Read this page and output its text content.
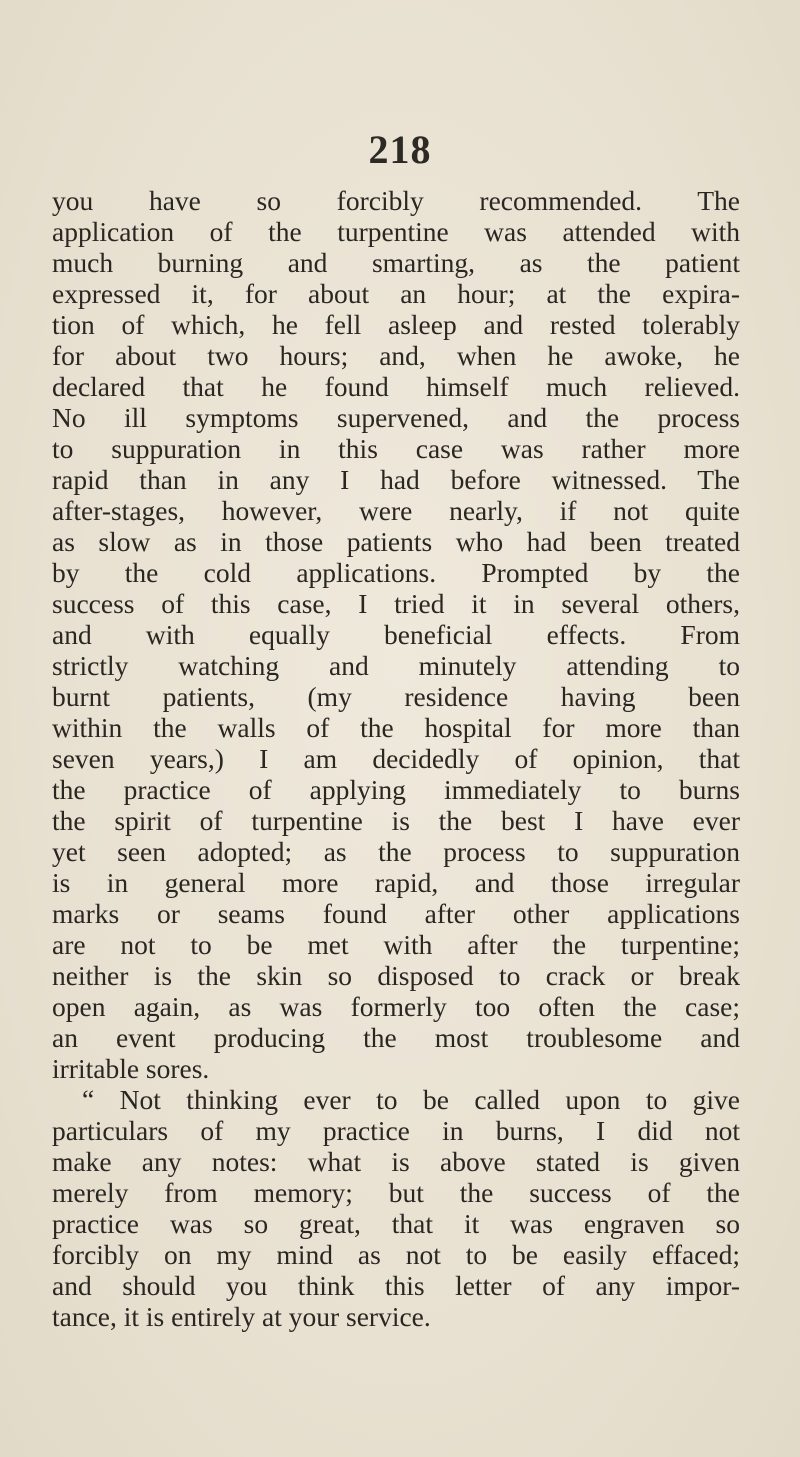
218
you have so forcibly recommended. The
application of the turpentine was attended with
much burning and smarting, as the patient
expressed it, for about an hour; at the expira-
tion of which, he fell asleep and rested tolerably
for about two hours; and, when he awoke, he
declared that he found himself much relieved.
No ill symptoms supervened, and the process
to suppuration in this case was rather more
rapid than in any I had before witnessed. The
after-stages, however, were nearly, if not quite
as slow as in those patients who had been treated
by the cold applications. Prompted by the
success of this case, I tried it in several others,
and with equally beneficial effects. From
strictly watching and minutely attending to
burnt patients, (my residence having been
within the walls of the hospital for more than
seven years,) I am decidedly of opinion, that
the practice of applying immediately to burns
the spirit of turpentine is the best I have ever
yet seen adopted; as the process to suppuration
is in general more rapid, and those irregular
marks or seams found after other applications
are not to be met with after the turpentine;
neither is the skin so disposed to crack or break
open again, as was formerly too often the case;
an event producing the most troublesome and
irritable sores.
“ Not thinking ever to be called upon to give
particulars of my practice in burns, I did not
make any notes: what is above stated is given
merely from memory; but the success of the
practice was so great, that it was engraven so
forcibly on my mind as not to be easily effaced;
and should you think this letter of any impor-
tance, it is entirely at your service.
